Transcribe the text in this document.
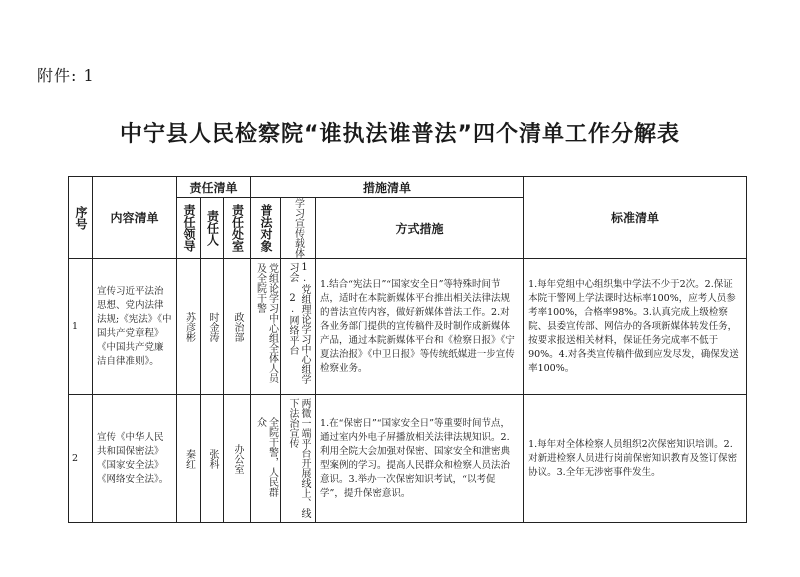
附件: 1
中宁县人民检察院“谁执法谁普法”四个清单工作分解表
序号	内容清单	责任清单			措施清单			标准清单

		责任领导	责任人	责任处室	普法对象	学习宣传载体	方式措施	
1	宣传习近平法治思想、党内法律法规;《宪法》《中国共产党章程》《中国共产党廉洁自律准则》。	苏彦彬	时金涛	政治部	党组论学习中心组全体人员及全院干警	1.党组理论学习中心组学习会 2.网络平台	1.结合“宪法日”“国家安全日”等特殊时间节点，适时在本院新媒体平台推出相关法律法规的普法宣传内容，做好新媒体普法工作。2.对各业务部门提供的宣传稿件及时制作成新媒体产品，通过本院新媒体平台和《检察日报》《宁夏法治报》《中卫日报》等传统纸媒进一步宣传检察业务。	1.每年党组中心组织集中学法不少于2次。2.保证本院干警网上学法课时达标率100%，应考人员参考率100%，合格率98%。3.认真完成上级检察院、县委宣传部、网信办的各项新媒体转发任务，按要求报送相关材料，保证任务完成率不低于90%。4.对各类宣传稿件做到应发尽发，确保发送率100%。
2	宣传《中华人民共和国保密法》《国家安全法》《网络安全法》。	秦红	张科	办公室	全院干警，人民群众	两微一端平台开展线上、线下法治宣传	1.在“保密日”“国家安全日”等重要时间节点，通过室内外电子屏播放相关法律法规知识。2.利用全院大会加强对保密、国家安全和泄密典型案例的学习。提高人民群众和检察人员法治意识。3.举办一次保密知识考试，“以考促学”，提升保密意识。	1.每年对全体检察人员组织2次保密知识培训。2.对新进检察人员进行岗前保密知识教育及签订保密协议。3.全年无涉密事件发生。
